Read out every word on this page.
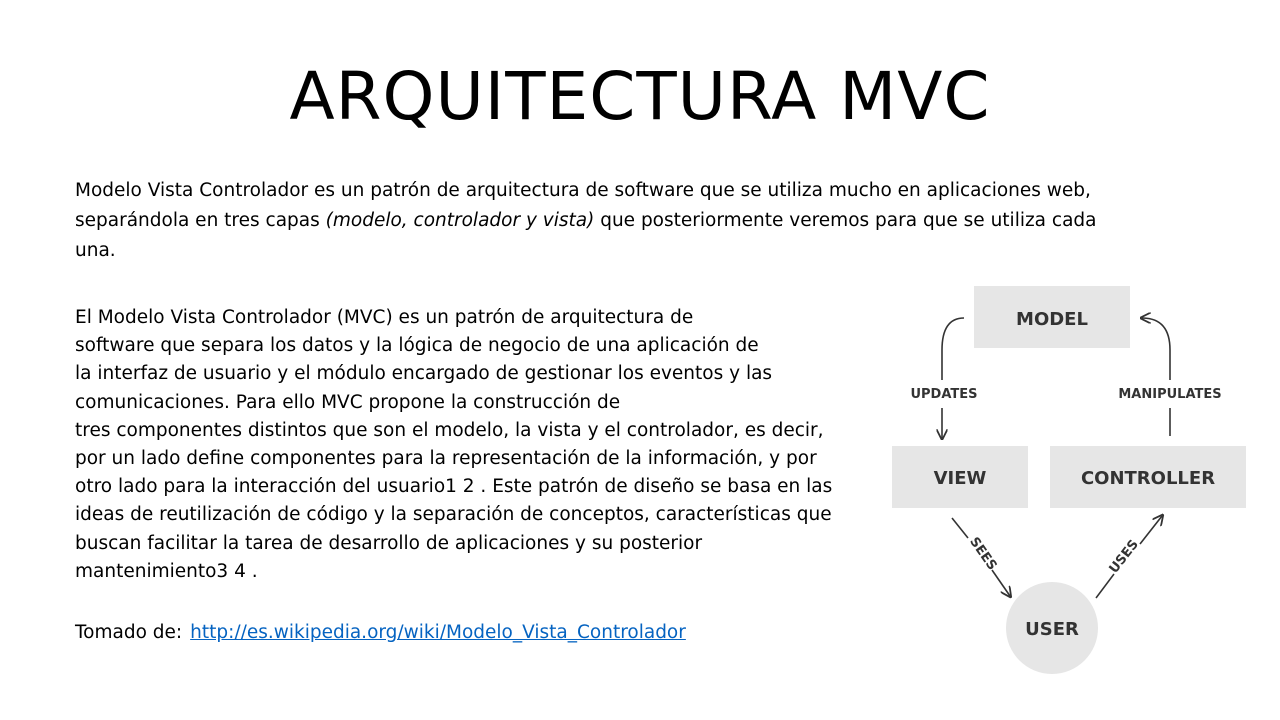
ARQUITECTURA MVC
Modelo Vista Controlador es un patrón de arquitectura de software que se utiliza mucho en aplicaciones web,
separándola en tres capas (modelo, controlador y vista) que posteriormente veremos para que se utiliza cada
una.
El Modelo Vista Controlador (MVC) es un patrón de arquitectura de
software que separa los datos y la lógica de negocio de una aplicación de
la interfaz de usuario y el módulo encargado de gestionar los eventos y las
comunicaciones. Para ello MVC propone la construcción de
tres componentes distintos que son el modelo, la vista y el controlador, es decir,
por un lado define componentes para la representación de la información, y por
otro lado para la interacción del usuario1 2 . Este patrón de diseño se basa en las
ideas de reutilización de código y la separación de conceptos, características que
buscan facilitar la tarea de desarrollo de aplicaciones y su posterior
mantenimiento3 4 .
Tomado de: http://es.wikipedia.org/wiki/Modelo_Vista_Controlador
MODEL
VIEW	CONTROLLER
USER
UPDATES	MANIPULATES
SEES	USES
